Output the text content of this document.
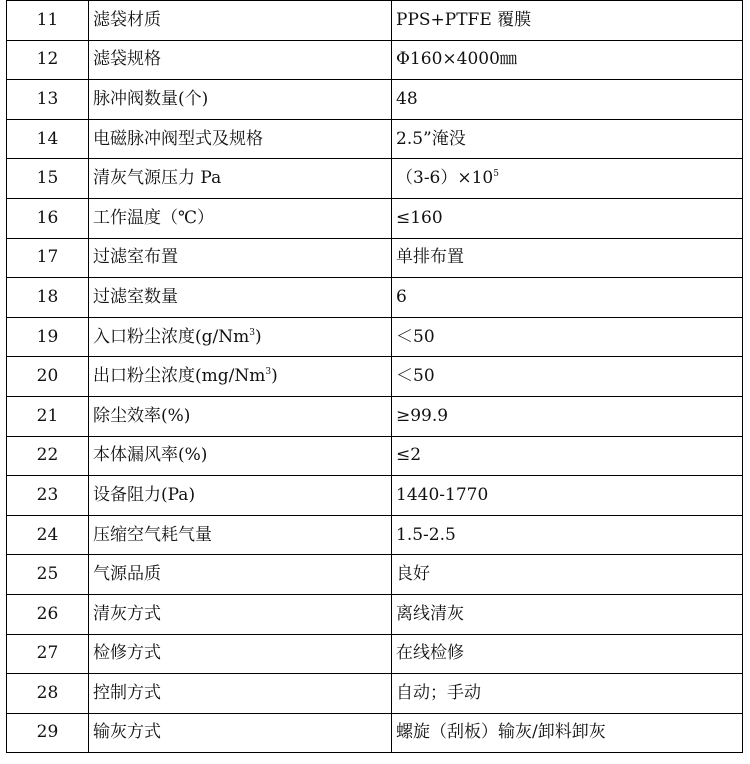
11	滤袋材质	PPS+PTFE 覆膜
12	滤袋规格	Φ160×4000㎜
13	脉冲阀数量(个)	48
14	电磁脉冲阀型式及规格	2.5”淹没
15	清灰气源压力 Pa	$(3-6)\times 10^5$
16	工作温度（℃）	≤160
17	过滤室布置	单排布置
18	过滤室数量	6
19	入口粉尘浓度$(g/Nm^3)$	＜50
20	出口粉尘浓度$(mg/Nm^3)$	＜50
21	除尘效率(%)	≥99.9
22	本体漏风率(%)	≤2
23	设备阻力(Pa)	1440-1770
24	压缩空气耗气量	1.5-2.5
25	气源品质	良好
26	清灰方式	离线清灰
27	检修方式	在线检修
28	控制方式	自动；手动
29	输灰方式	螺旋（刮板）输灰/卸料卸灰
